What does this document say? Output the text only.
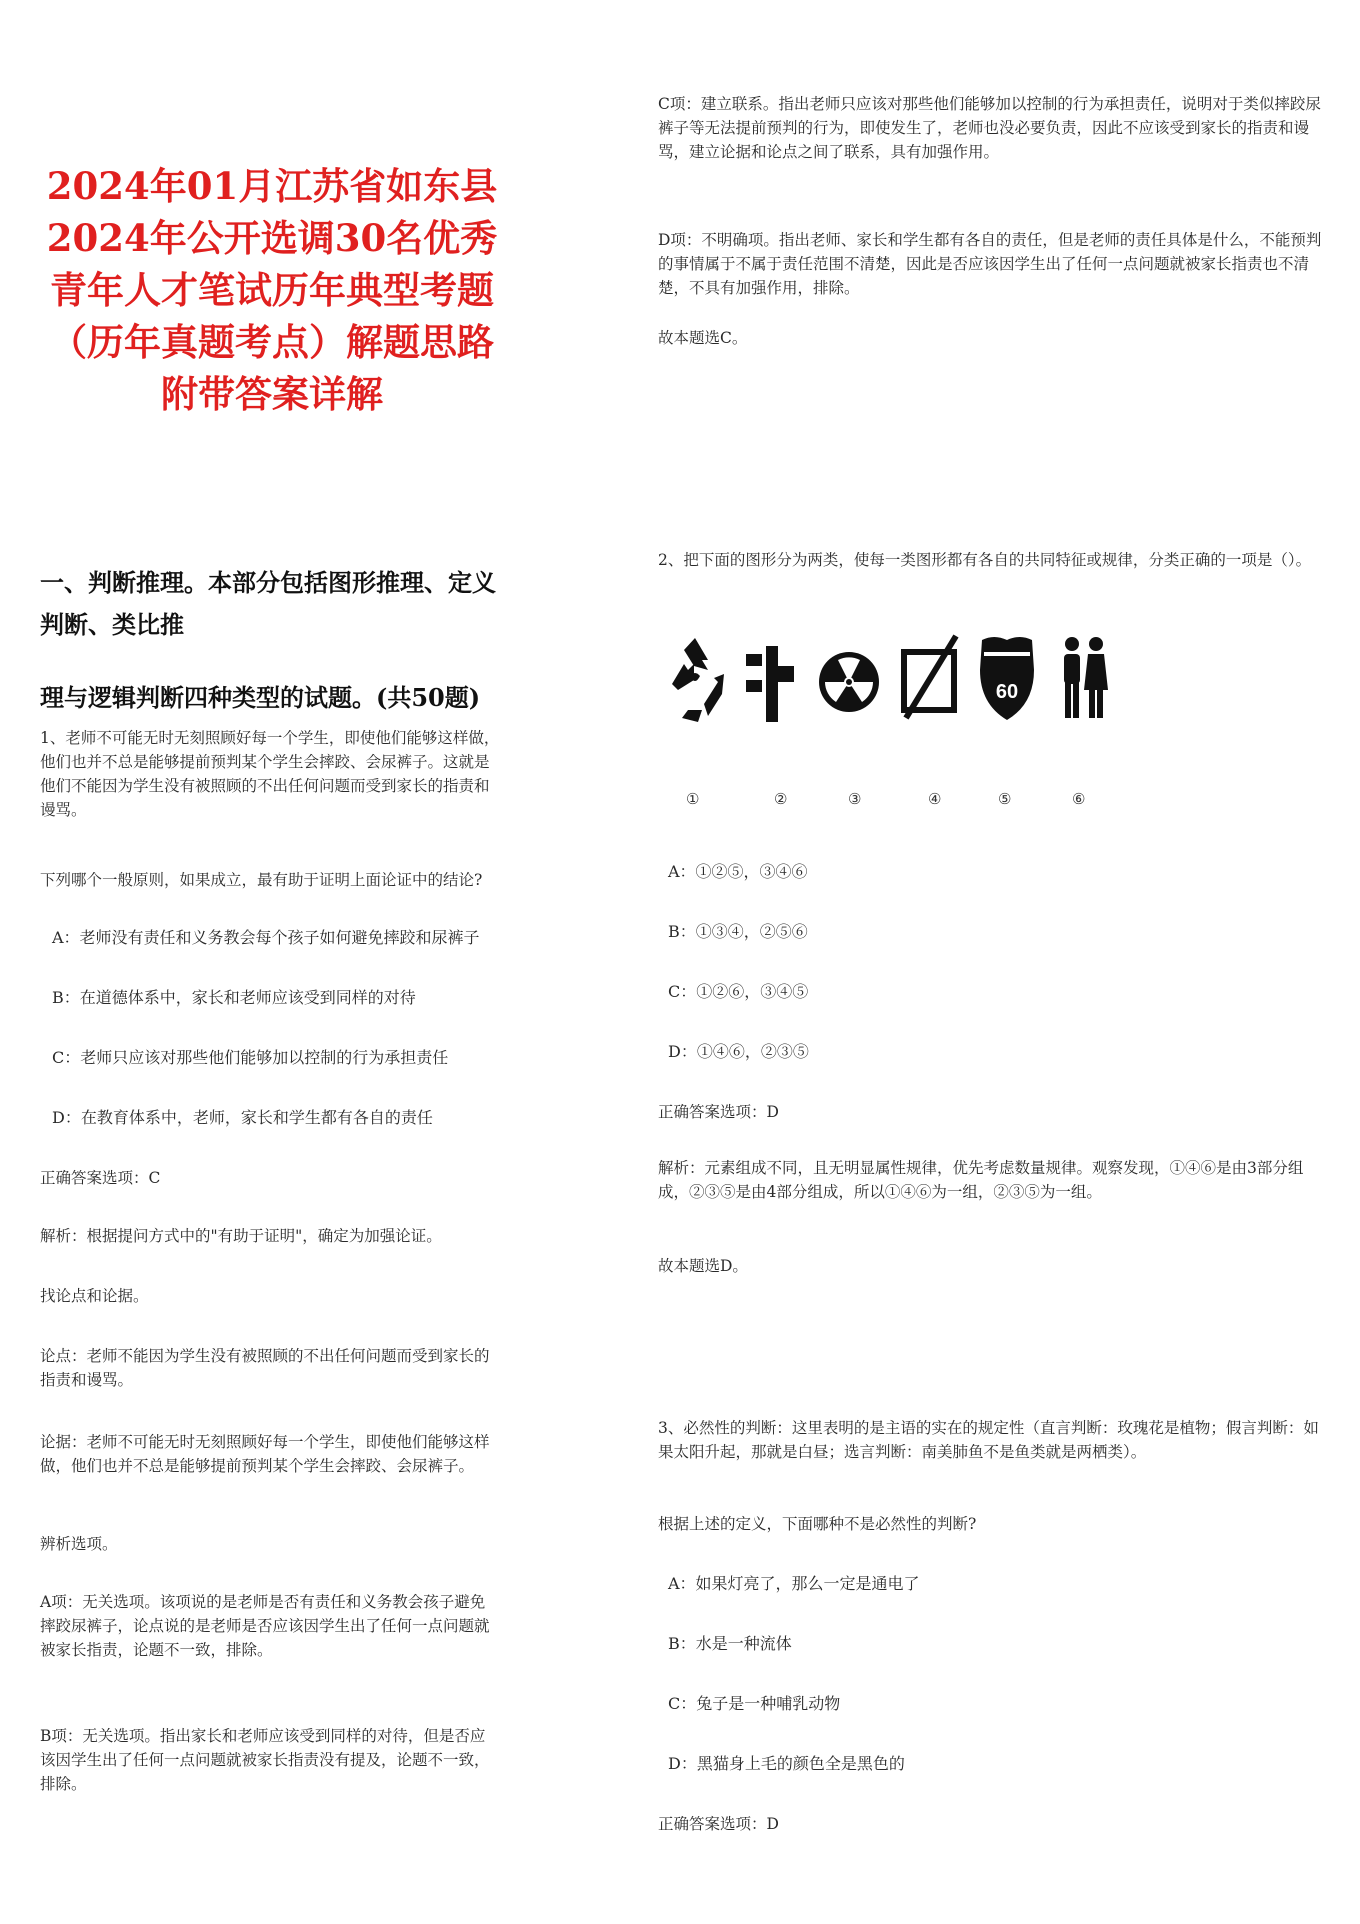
2024年01月江苏省如东县2024年公开选调30名优秀青年人才笔试历年典型考题（历年真题考点）解题思路附带答案详解
一、判断推理。本部分包括图形推理、定义判断、类比推
理与逻辑判断四种类型的试题。(共50题)

1、老师不可能无时无刻照顾好每一个学生，即使他们能够这样做，他们也并不总是能够提前预判某个学生会摔跤、会尿裤子。这就是他们不能因为学生没有被照顾的不出任何问题而受到家长的指责和谩骂。

下列哪个一般原则，如果成立，最有助于证明上面论证中的结论?

A：老师没有责任和义务教会每个孩子如何避免摔跤和尿裤子

B：在道德体系中，家长和老师应该受到同样的对待

C：老师只应该对那些他们能够加以控制的行为承担责任

D：在教育体系中，老师，家长和学生都有各自的责任

正确答案选项：C

解析：根据提问方式中的"有助于证明"，确定为加强论证。

找论点和论据。

论点：老师不能因为学生没有被照顾的不出任何问题而受到家长的指责和谩骂。

论据：老师不可能无时无刻照顾好每一个学生，即使他们能够这样做，他们也并不总是能够提前预判某个学生会摔跤、会尿裤子。

辨析选项。

A项：无关选项。该项说的是老师是否有责任和义务教会孩子避免摔跤尿裤子，论点说的是老师是否应该因学生出了任何一点问题就被家长指责，论题不一致，排除。

B项：无关选项。指出家长和老师应该受到同样的对待，但是否应该因学生出了任何一点问题就被家长指责没有提及，论题不一致，排除。

C项：建立联系。指出老师只应该对那些他们能够加以控制的行为承担责任，说明对于类似摔跤尿裤子等无法提前预判的行为，即使发生了，老师也没必要负责，因此不应该受到家长的指责和谩骂，建立论据和论点之间了联系，具有加强作用。

D项：不明确项。指出老师、家长和学生都有各自的责任，但是老师的责任具体是什么，不能预判的事情属于不属于责任范围不清楚，因此是否应该因学生出了任何一点问题就被家长指责也不清楚，不具有加强作用，排除。

故本题选C。

2、把下面的图形分为两类，使每一类图形都有各自的共同特征或规律，分类正确的一项是（）。

60
①	②	③	④	⑤	⑥

A：①②⑤，③④⑥

B：①③④，②⑤⑥

C：①②⑥，③④⑤

D：①④⑥，②③⑤

正确答案选项：D

解析：元素组成不同，且无明显属性规律，优先考虑数量规律。观察发现，①④⑥是由3部分组成，②③⑤是由4部分组成，所以①④⑥为一组，②③⑤为一组。

故本题选D。

3、必然性的判断：这里表明的是主语的实在的规定性（直言判断：玫瑰花是植物；假言判断：如果太阳升起，那就是白昼；选言判断：南美肺鱼不是鱼类就是两栖类）。

根据上述的定义，下面哪种不是必然性的判断?

A：如果灯亮了，那么一定是通电了

B：水是一种流体

C：兔子是一种哺乳动物

D：黑猫身上毛的颜色全是黑色的

正确答案选项：D
